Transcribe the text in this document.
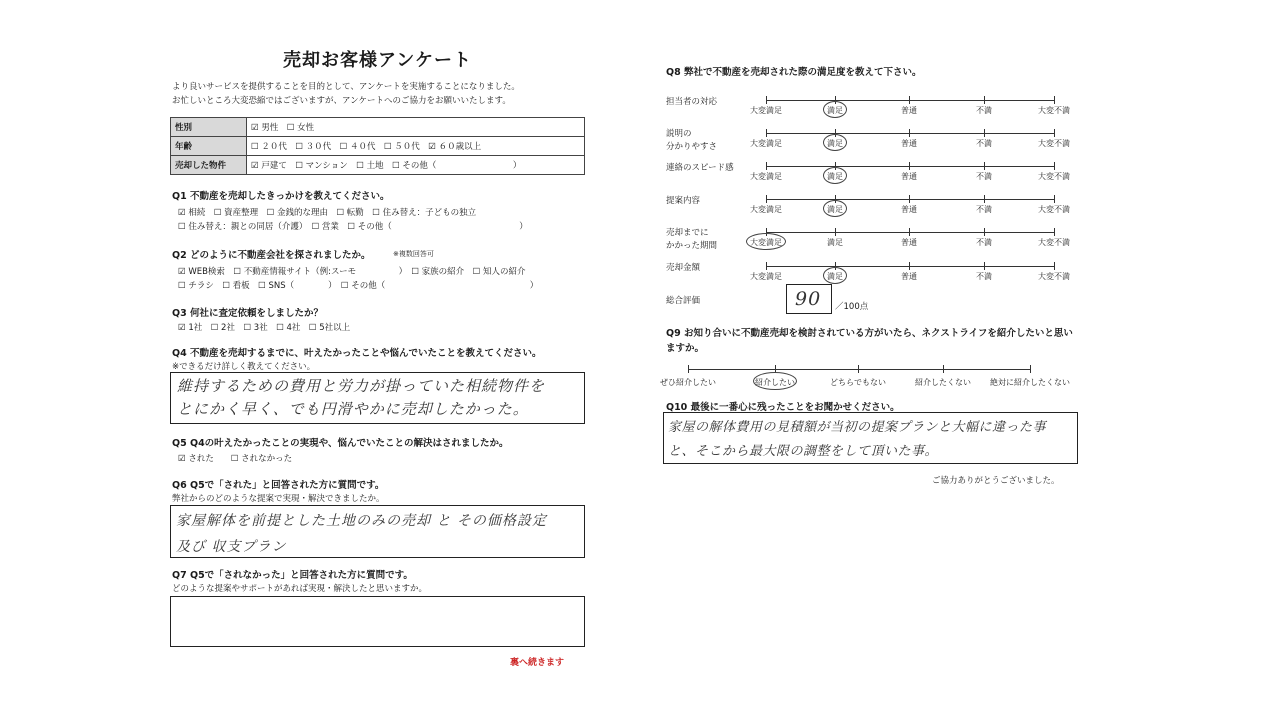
売却お客様アンケート
より良いサービスを提供することを目的として、アンケートを実施することになりました。
お忙しいところ大変恐縮ではございますが、アンケートへのご協力をお願いいたします。
性別	☑ 男性　☐ 女性
年齢	☐ ２０代　☐ ３０代　☐ ４０代　☐ ５０代　☑ ６０歳以上
売却した物件	☑ 戸建て　☐ マンション　☐ 土地　☐ その他（　　　　　　　　　）
Q1 不動産を売却したきっかけを教えてください。
☑ 相続　☐ 資産整理　☐ 金銭的な理由　☐ 転勤　☐ 住み替え：子どもの独立
☐ 住み替え：親との同居（介護）　☐ 営業　☐ その他（　　　　　　　　　　　　　　　）
Q2 どのように不動産会社を探されましたか。	※複数回答可
☑ WEB検索　☐ 不動産情報サイト（例:スーモ　　　　　）　☐ 家族の紹介　☐ 知人の紹介
☐ チラシ　☐ 看板　☐ SNS（　　　　）　☐ その他（　　　　　　　　　　　　　　　　　）
Q3 何社に査定依頼をしましたか？
☑ 1社　☐ 2社　☐ 3社　☐ 4社　☐ 5社以上
Q4 不動産を売却するまでに、叶えたかったことや悩んでいたことを教えてください。
※できるだけ詳しく教えてください。
維持するための費用と労力が掛っていた相続物件を
とにかく早く、でも円滑やかに売却したかった。
Q5 Q4の叶えたかったことの実現や、悩んでいたことの解決はされましたか。
☑ された　　☐ されなかった
Q6 Q5で「された」と回答された方に質問です。
弊社からのどのような提案で実現・解決できましたか。
家屋解体を前提とした土地のみの売却 と その価格設定
及び 収支プラン
Q7 Q5で「されなかった」と回答された方に質問です。
どのような提案やサポートがあれば実現・解決したと思いますか。
裏へ続きます
Q8 弊社で不動産を売却された際の満足度を教えて下さい。
担当者の対応
大変満足	満足	普通	不満	大変不満
説明の
分かりやすさ	大変満足	満足	普通	不満	大変不満
連絡のスピード感
大変満足	満足	普通	不満	大変不満
提案内容
大変満足	満足	普通	不満	大変不満
売却までに
かかった期間	大変満足	満足	普通	不満	大変不満
売却金額
大変満足	満足	普通	不満	大変不満
総合評価	90 ／100点
Q9 お知り合いに不動産売却を検討されている方がいたら、ネクストライフを紹介したいと思い
ますか。
ぜひ紹介したい	紹介したい	どちらでもない	紹介したくない 絶対に紹介したくない
Q10 最後に一番心に残ったことをお聞かせください。
家屋の解体費用の見積額が当初の提案プランと大幅に違った事
と、そこから最大限の調整をして頂いた事。
ご協力ありがとうございました。
